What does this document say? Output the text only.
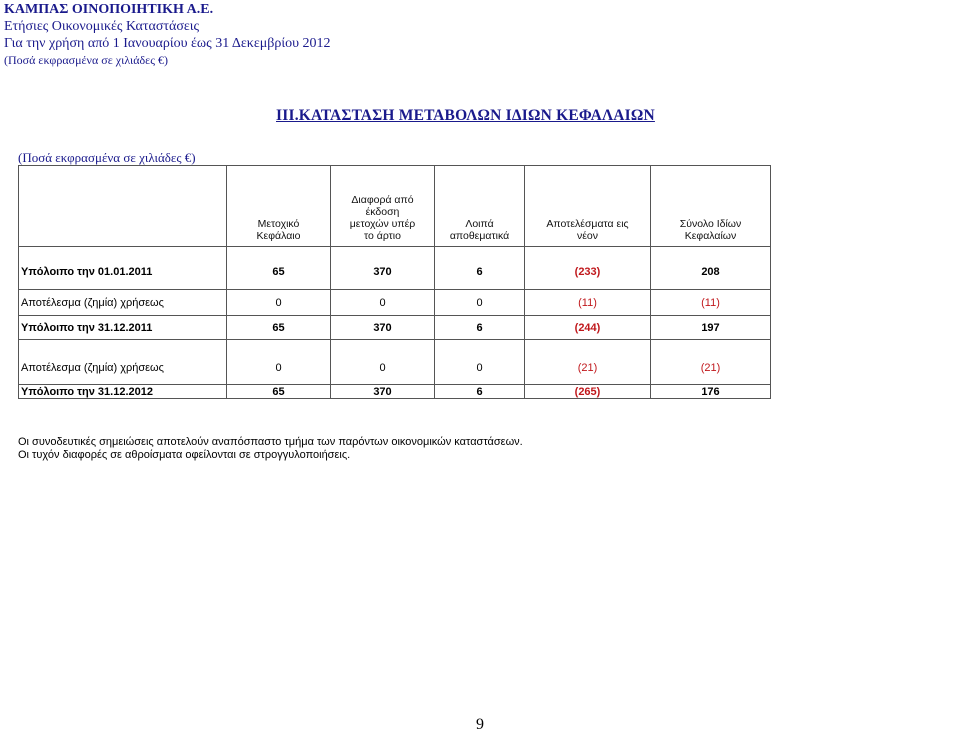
ΚΑΜΠΑΣ ΟΙΝΟΠΟΙΗΤΙΚΗ Α.Ε.
Ετήσιες Οικονομικές Καταστάσεις
Για την χρήση από 1 Ιανουαρίου έως 31 Δεκεμβρίου 2012
(Ποσά εκφρασμένα σε χιλιάδες €)
III.ΚΑΤΑΣΤΑΣΗ ΜΕΤΑΒΟΛΩΝ ΙΔΙΩΝ ΚΕΦΑΛΑΙΩΝ
(Ποσά εκφρασμένα σε χιλιάδες €)
	Μετοχικό
Κεφάλαιο	Διαφορά από
έκδοση
μετοχών υπέρ
το άρτιο	Λοιπά
αποθεματικά	Αποτελέσματα εις
νέον	Σύνολο Ιδίων
Κεφαλαίων
Υπόλοιπο την 01.01.2011	65	370	6	(233)	208
Αποτέλεσμα (ζημία) χρήσεως	0	0	0	(11)	(11)
Υπόλοιπο την 31.12.2011	65	370	6	(244)	197
Αποτέλεσμα (ζημία) χρήσεως	0	0	0	(21)	(21)
Υπόλοιπο την 31.12.2012	65	370	6	(265)	176
Οι συνοδευτικές σημειώσεις αποτελούν αναπόσπαστο τμήμα των παρόντων οικονομικών καταστάσεων.
Οι τυχόν διαφορές σε αθροίσματα οφείλονται σε στρογγυλοποιήσεις.
9
